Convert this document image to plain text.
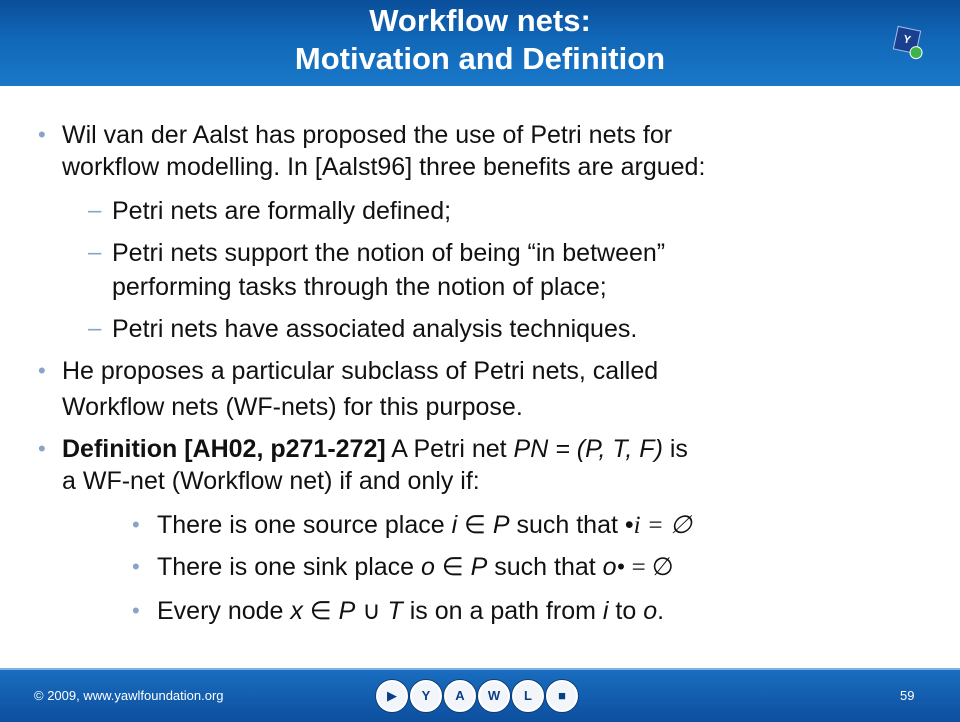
Workflow nets:
Motivation and Definition
Y
• Wil van der Aalst has proposed the use of Petri nets for
workflow modelling. In [Aalst96] three benefits are argued:
– Petri nets are formally defined;
– Petri nets support the notion of being “in between”
performing tasks through the notion of place;
– Petri nets have associated analysis techniques.
• He proposes a particular subclass of Petri nets, called
Workflow nets (WF-nets) for this purpose.
• Definition [AH02, p271-272] A Petri net PN = (P, T, F) is
a WF-net (Workflow net) if and only if:
• There is one source place i ∈ P such that •i = ∅
• There is one sink place o ∈ P such that o• = ∅
• Every node x ∈ P ∪ T is on a path from i to o.
© 2009, www.yawlfoundation.org	▶	Y	A	W	L	■	59
